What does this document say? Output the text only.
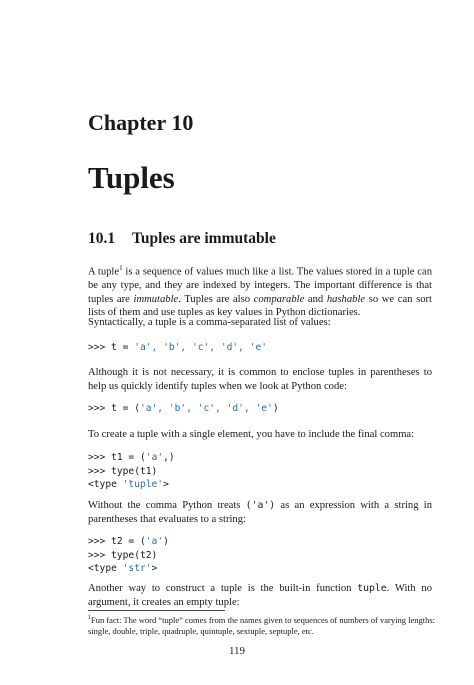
Chapter 10
Tuples
10.1 Tuples are immutable

A tuple$^1$ is a sequence of values much like a list. The values stored in a tuple can be any type, and they are indexed by integers. The important difference is that tuples are immutable. Tuples are also comparable and hashable so we can sort lists of them and use tuples as key values in Python dictionaries.

Syntactically, a tuple is a comma-separated list of values:

>>> t = 'a', 'b', 'c', 'd', 'e'

Although it is not necessary, it is common to enclose tuples in parentheses to help us quickly identify tuples when we look at Python code:

>>> t = ('a', 'b', 'c', 'd', 'e')

To create a tuple with a single element, you have to include the final comma:

>>> t1 = ('a',)
>>> type(t1)
<type 'tuple'>

Without the comma Python treats ('a') as an expression with a string in parentheses that evaluates to a string:

>>> t2 = ('a')
>>> type(t2)
<type 'str'>

Another way to construct a tuple is the built-in function tuple. With no argument, it creates an empty tuple:

$^1$Fun fact: The word “tuple” comes from the names given to sequences of numbers of varying lengths: single, double, triple, quadruple, quintuple, sextuple, septuple, etc.

119
